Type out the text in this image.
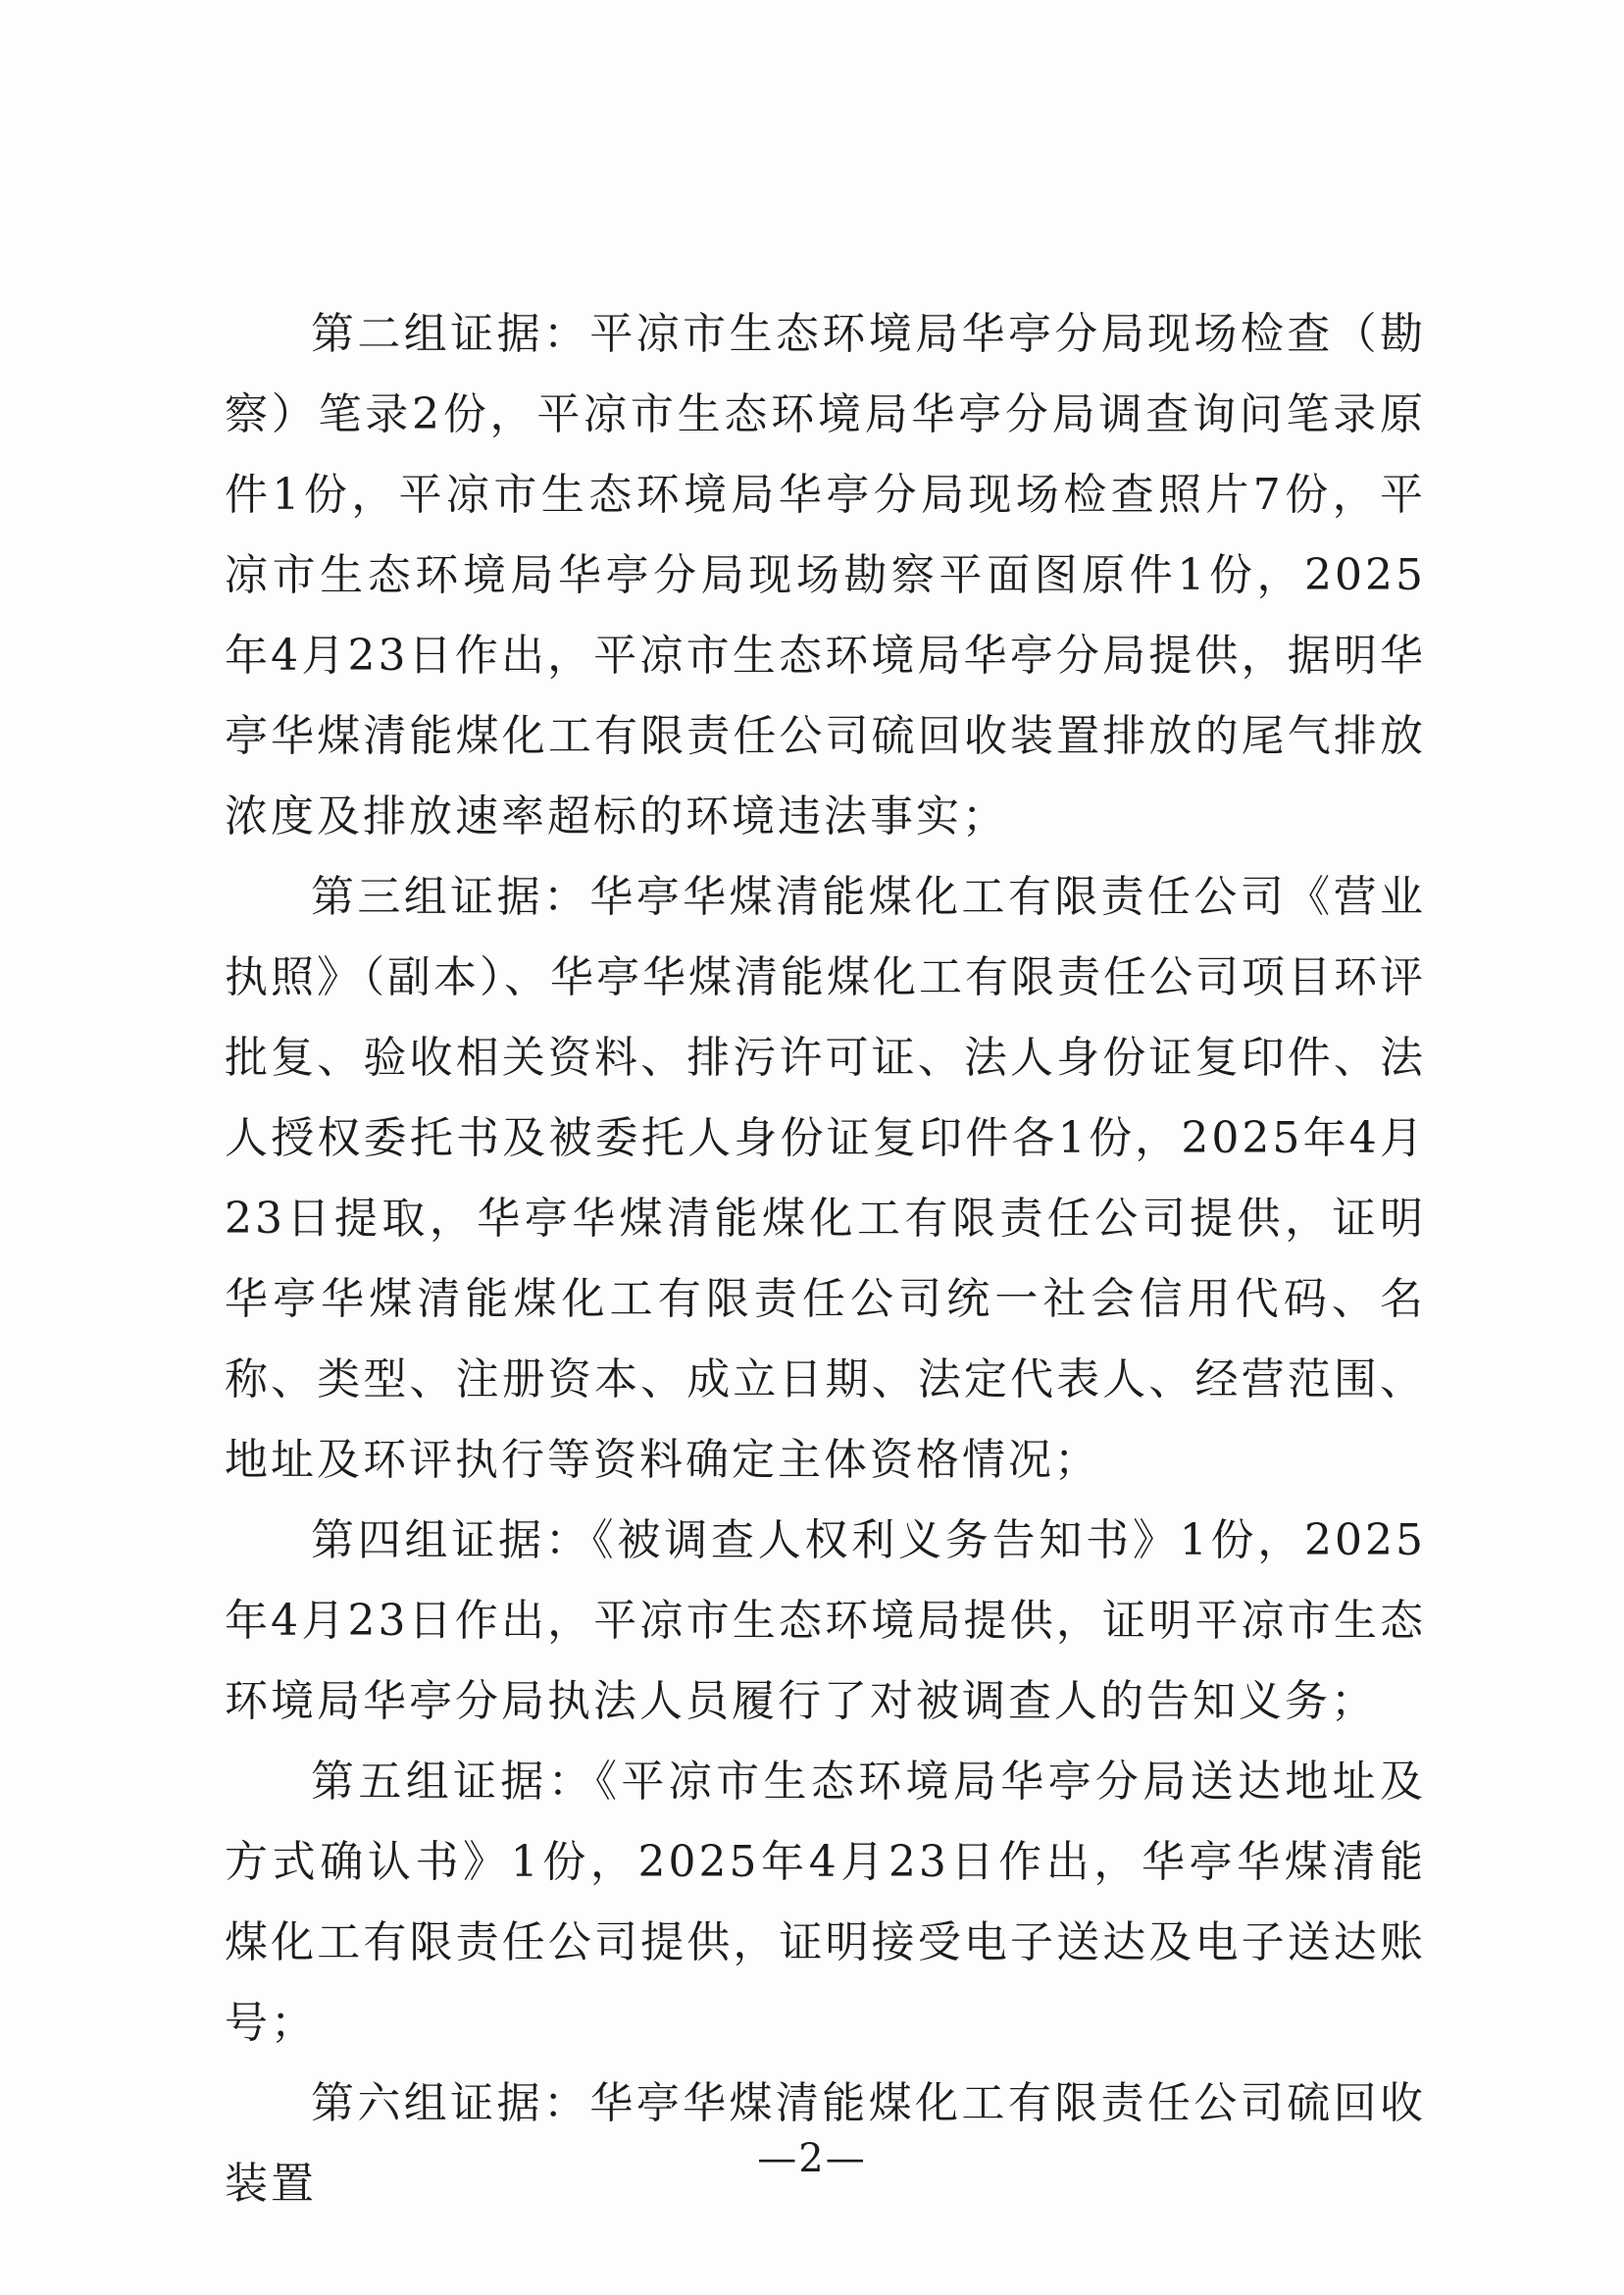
第二组证据：平凉市生态环境局华亭分局现场检查（勘察）笔录2份，平凉市生态环境局华亭分局调查询问笔录原件1份，平凉市生态环境局华亭分局现场检查照片7份，平凉市生态环境局华亭分局现场勘察平面图原件1份，2025年4月23日作出，平凉市生态环境局华亭分局提供，据明华亭华煤清能煤化工有限责任公司硫回收装置排放的尾气排放浓度及排放速率超标的环境违法事实；

第三组证据：华亭华煤清能煤化工有限责任公司《营业执照》（副本）、华亭华煤清能煤化工有限责任公司项目环评批复、验收相关资料、排污许可证、法人身份证复印件、法人授权委托书及被委托人身份证复印件各1份，2025年4月23日提取，华亭华煤清能煤化工有限责任公司提供，证明华亭华煤清能煤化工有限责任公司统一社会信用代码、名称、类型、注册资本、成立日期、法定代表人、经营范围、地址及环评执行等资料确定主体资格情况；

第四组证据：《被调查人权利义务告知书》1份，2025年4月23日作出，平凉市生态环境局提供，证明平凉市生态环境局华亭分局执法人员履行了对被调查人的告知义务；

第五组证据：《平凉市生态环境局华亭分局送达地址及方式确认书》1份，2025年4月23日作出，华亭华煤清能煤化工有限责任公司提供，证明接受电子送达及电子送达账号；

第六组证据：华亭华煤清能煤化工有限责任公司硫回收装置	—2—
